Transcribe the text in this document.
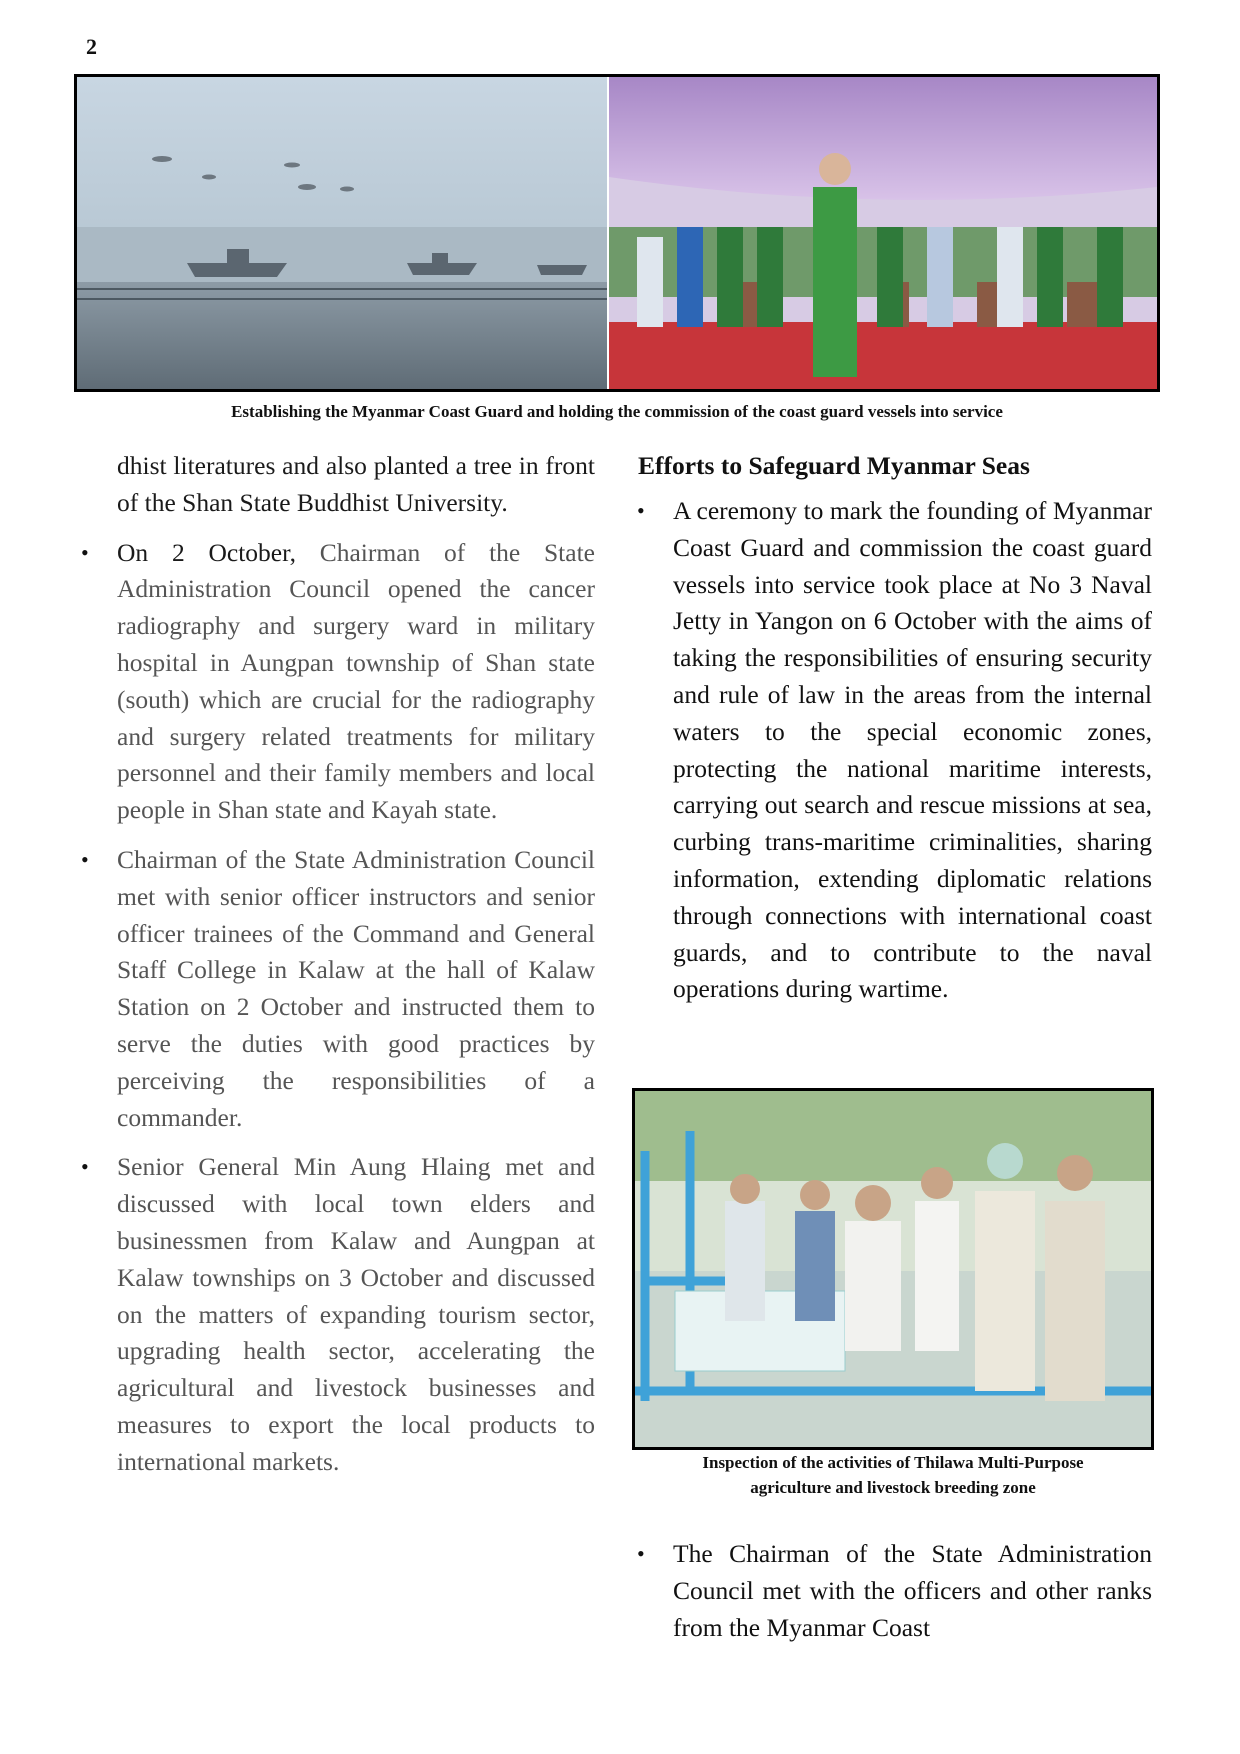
2
Establishing the Myanmar Coast Guard and holding the commission of the coast guard vessels into service

dhist literatures and also planted a tree in front of the Shan State Buddhist University.

• On 2 October, Chairman of the State Administration Council opened the cancer radiography and surgery ward in military hospital in Aungpan township of Shan state (south) which are crucial for the radiography and surgery related treatments for military personnel and their family members and local people in Shan state and Kayah state.

• Chairman of the State Administration Council met with senior officer instructors and senior officer trainees of the Command and General Staff College in Kalaw at the hall of Kalaw Station on 2 October and instructed them to serve the duties with good practices by perceiving the responsibilities of a commander.

• Senior General Min Aung Hlaing met and discussed with local town elders and businessmen from Kalaw and Aungpan at Kalaw townships on 3 October and discussed on the matters of expanding tourism sector, upgrading health sector, accelerating the agricultural and livestock businesses and measures to export the local products to international markets.

Efforts to Safeguard Myanmar Seas

• A ceremony to mark the founding of Myanmar Coast Guard and commission the coast guard vessels into service took place at No 3 Naval Jetty in Yangon on 6 October with the aims of taking the responsibilities of ensuring security and rule of law in the areas from the internal waters to the special economic zones, protecting the national maritime interests, carrying out search and rescue missions at sea, curbing trans-maritime criminalities, sharing information, extending diplomatic relations through connections with international coast guards, and to contribute to the naval operations during wartime.

Inspection of the activities of Thilawa Multi-Purpose
agriculture and livestock breeding zone

• The Chairman of the State Administration Council met with the officers and other ranks from the Myanmar Coast
